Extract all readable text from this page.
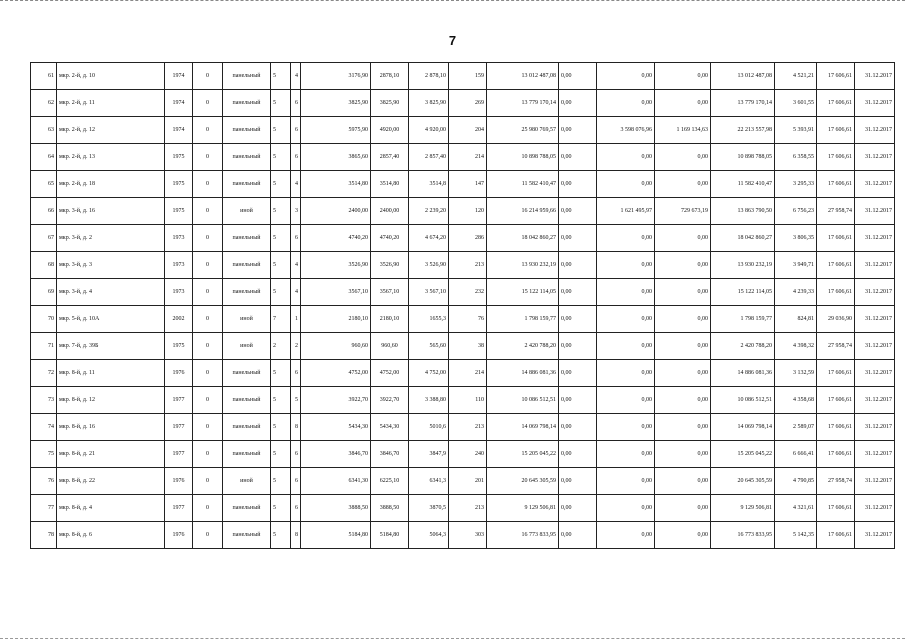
7
61	мкр. 2-й, д. 10	1974	0	панельный	5	4	3176,90	2878,10	2 878,10	159	13 012 487,08	0,00	0,00	0,00	13 012 487,08	4 521,21	17 606,61	31.12.2017
62	мкр. 2-й, д. 11	1974	0	панельный	5	6	3825,90	3825,90	3 825,90	269	13 779 170,14	0,00	0,00	0,00	13 779 170,14	3 601,55	17 606,61	31.12.2017
63	мкр. 2-й, д. 12	1974	0	панельный	5	6	5975,90	4920,00	4 920,00	204	25 980 769,57	0,00	3 598 076,96	1 169 134,63	22 213 557,98	5 393,91	17 606,61	31.12.2017
64	мкр. 2-й, д. 13	1975	0	панельный	5	6	3865,60	2857,40	2 857,40	214	10 898 788,05	0,00	0,00	0,00	10 898 788,05	6 358,55	17 606,61	31.12.2017
65	мкр. 2-й, д. 18	1975	0	панельный	5	4	3514,80	3514,80	3514,8	147	11 582 410,47	0,00	0,00	0,00	11 582 410,47	3 295,33	17 606,61	31.12.2017
66	мкр. 3-й, д. 16	1975	0	иной	5	3	2400,00	2400,00	2 239,20	120	16 214 959,66	0,00	1 621 495,97	729 673,19	13 863 790,50	6 756,23	27 958,74	31.12.2017
67	мкр. 3-й, д. 2	1973	0	панельный	5	6	4740,20	4740,20	4 674,20	286	18 042 860,27	0,00	0,00	0,00	18 042 860,27	3 806,35	17 606,61	31.12.2017
68	мкр. 3-й, д. 3	1973	0	панельный	5	4	3526,90	3526,90	3 526,90	213	13 930 232,19	0,00	0,00	0,00	13 930 232,19	3 949,71	17 606,61	31.12.2017
69	мкр. 3-й, д. 4	1973	0	панельный	5	4	3567,10	3567,10	3 567,10	232	15 122 114,05	0,00	0,00	0,00	15 122 114,05	4 239,33	17 606,61	31.12.2017
70	мкр. 5-й, д. 10А	2002	0	иной	7	1	2180,10	2180,10	1655,3	76	1 798 159,77	0,00	0,00	0,00	1 798 159,77	824,81	29 036,90	31.12.2017
71	мкр. 7-й, д. 39Б	1975	0	иной	2	2	960,60	960,60	565,60	38	2 420 788,20	0,00	0,00	0,00	2 420 788,20	4 398,32	27 958,74	31.12.2017
72	мкр. 8-й, д. 11	1976	0	панельный	5	6	4752,00	4752,00	4 752,00	214	14 886 081,36	0,00	0,00	0,00	14 886 081,36	3 132,59	17 606,61	31.12.2017
73	мкр. 8-й, д. 12	1977	0	панельный	5	5	3922,70	3922,70	3 388,80	110	10 086 512,51	0,00	0,00	0,00	10 086 512,51	4 358,68	17 606,61	31.12.2017
74	мкр. 8-й, д. 16	1977	0	панельный	5	8	5434,30	5434,30	5010,6	213	14 069 798,14	0,00	0,00	0,00	14 069 798,14	2 589,07	17 606,61	31.12.2017
75	мкр. 8-й, д. 21	1977	0	панельный	5	6	3846,70	3846,70	3847,9	240	15 205 045,22	0,00	0,00	0,00	15 205 045,22	6 666,41	17 606,61	31.12.2017
76	мкр. 8-й, д. 22	1976	0	иной	5	6	6341,30	6225,10	6341,3	201	20 645 305,59	0,00	0,00	0,00	20 645 305,59	4 790,85	27 958,74	31.12.2017
77	мкр. 8-й, д. 4	1977	0	панельный	5	6	3888,50	3888,50	3870,5	213	9 129 506,81	0,00	0,00	0,00	9 129 506,81	4 321,61	17 606,61	31.12.2017
78	мкр. 8-й, д. 6	1976	0	панельный	5	8	5184,80	5184,80	5064,3	303	16 773 833,95	0,00	0,00	0,00	16 773 833,95	5 142,35	17 606,61	31.12.2017
